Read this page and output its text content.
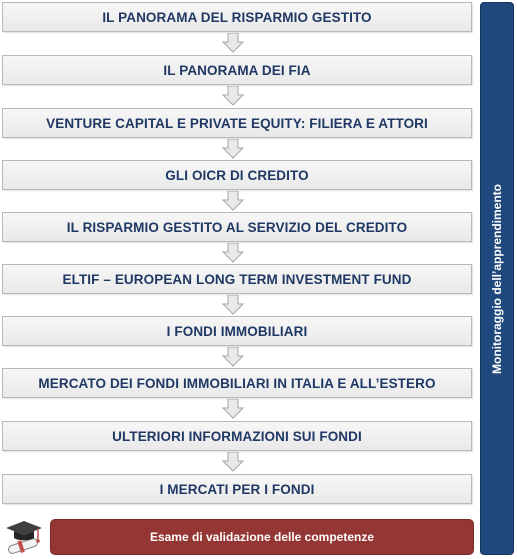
IL PANORAMA DEL RISPARMIO GESTITO
IL PANORAMA DEI FIA
VENTURE CAPITAL E PRIVATE EQUITY: FILIERA E ATTORI
GLI OICR DI CREDITO
IL RISPARMIO GESTITO AL SERVIZIO DEL CREDITO
ELTIF – EUROPEAN LONG TERM INVESTMENT FUND
I FONDI IMMOBILIARI
MERCATO DEI FONDI IMMOBILIARI IN ITALIA E ALL’ESTERO
ULTERIORI INFORMAZIONI SUI FONDI
I MERCATI PER I FONDI
Monitoraggio dell’apprendimento
Esame di validazione delle competenze
